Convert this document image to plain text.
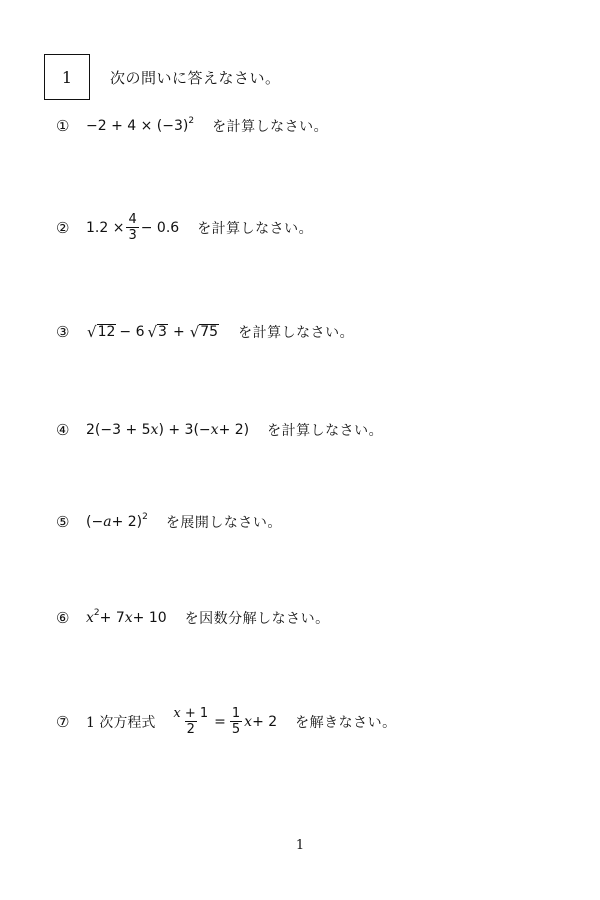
1	次の問いに答えなさい。
①	−2 + 4 × (−3) 2 を計算しなさい。
②	$1.2 \times \frac{4}{3} - 0.6$ を計算しなさい。
③	√ 12 − 6 √ 3 + √ 75 を計算しなさい。
④	2(−3 + 5 x ) + 3(− x + 2) を計算しなさい。
⑤	(− a + 2) 2 を展開しなさい。
⑥	x 2 + 7 x + 10 を因数分解しなさい。
⑦	1 次方程式 $\frac{x + 1}{2} = \frac{1}{5}$ x + 2 を解きなさい。
1
